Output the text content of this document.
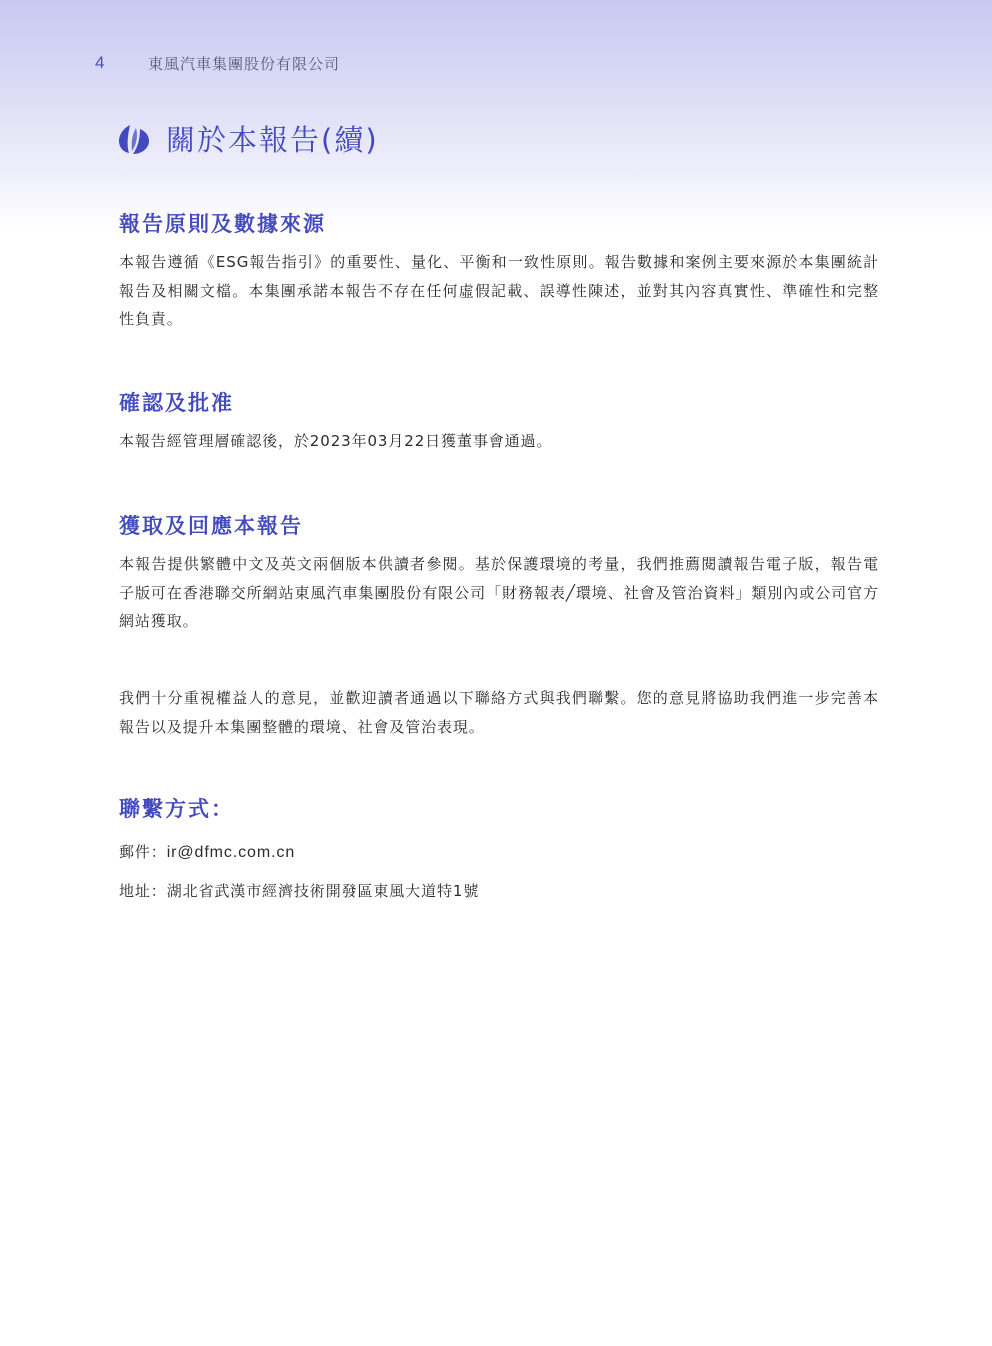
4	東風汽車集團股份有限公司
關於本報告(續)
報告原則及數據來源

本報告遵循《ESG報告指引》的重要性、量化、平衡和一致性原則。報告數據和案例主要來源於本集團統計報告及相關文檔。本集團承諾本報告不存在任何虛假記載、誤導性陳述，並對其內容真實性、準確性和完整性負責。

確認及批准

本報告經管理層確認後，於2023年03月22日獲董事會通過。

獲取及回應本報告

本報告提供繁體中文及英文兩個版本供讀者參閱。基於保護環境的考量，我們推薦閱讀報告電子版，報告電子版可在香港聯交所網站東風汽車集團股份有限公司「財務報表╱環境、社會及管治資料」類別內或公司官方網站獲取。

我們十分重視權益人的意見，並歡迎讀者通過以下聯絡方式與我們聯繫。您的意見將協助我們進一步完善本報告以及提升本集團整體的環境、社會及管治表現。

聯繫方式：
郵件：ir@dfmc.com.cn
地址：湖北省武漢市經濟技術開發區東風大道特1號
